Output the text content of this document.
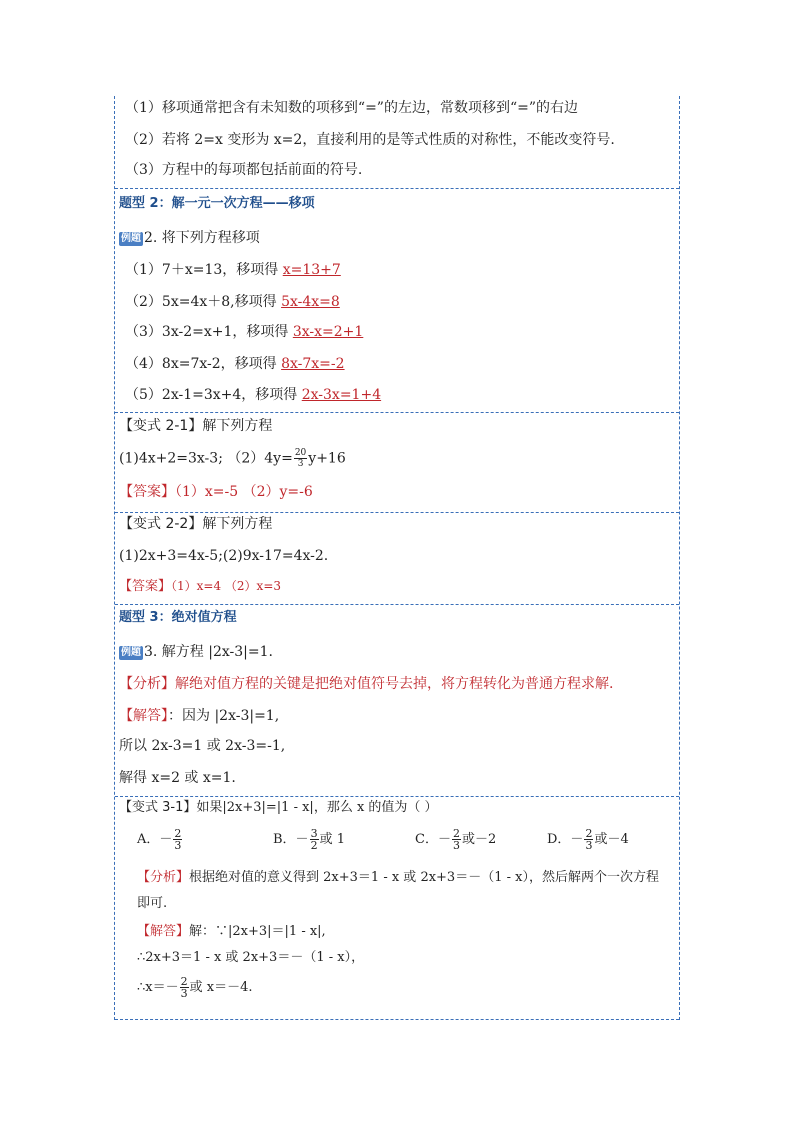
（1）移项通常把含有未知数的项移到“=”的左边，常数项移到“=”的右边
（2）若将 2=x 变形为 x=2，直接利用的是等式性质的对称性，不能改变符号.
（3）方程中的每项都包括前面的符号.
题型 2：解一元一次方程——移项
例题 2. 将下列方程移项
（1）7＋x=13，移项得 x=13+7
（2）5x=4x＋8,移项得 5x-4x=8
（3）3x-2=x+1，移项得 3x-x=2+1
（4）8x=7x-2，移项得 8x-7x=-2
（5）2x-1=3x+4，移项得 2x-3x=1+4
【变式 2-1】解下列方程
(1)4x+2=3x-3; $(2)4y= \frac{20}{3} y+16$
【答案】（1）x=-5 （2）y=-6
【变式 2-2】解下列方程
(1)2x+3=4x-5;(2)9x-17=4x-2.
【答案】（1）x=4 （2）x=3
题型 3：绝对值方程
例题 3. 解方程 |2x-3|=1.
【分析】解绝对值方程的关键是把绝对值符号去掉，将方程转化为普通方程求解.
【解答】：因为 |2x-3|=1,
所以 2x-3=1 或 2x-3=-1,
解得 x=2 或 x=1.
【变式 3-1】如果|2x+3|=|1 - x|，那么 x 的值为（ ）
A．－ $\frac{2}{3}$	B．－ $\frac{3}{2}$ 或 1	C．－ $\frac{2}{3}$ 或－2	D．－ $\frac{2}{3}$ 或－4
【分析】根据绝对值的意义得到 2x+3＝1 - x 或 2x+3＝－（1 - x），然后解两个一次方程
即可.
【解答】解：∵|2x+3|＝|1 - x|,
∴2x+3＝1 - x 或 2x+3＝－（1 - x），
∴x＝－ $\frac{2}{3}$ 或 x＝－4.
